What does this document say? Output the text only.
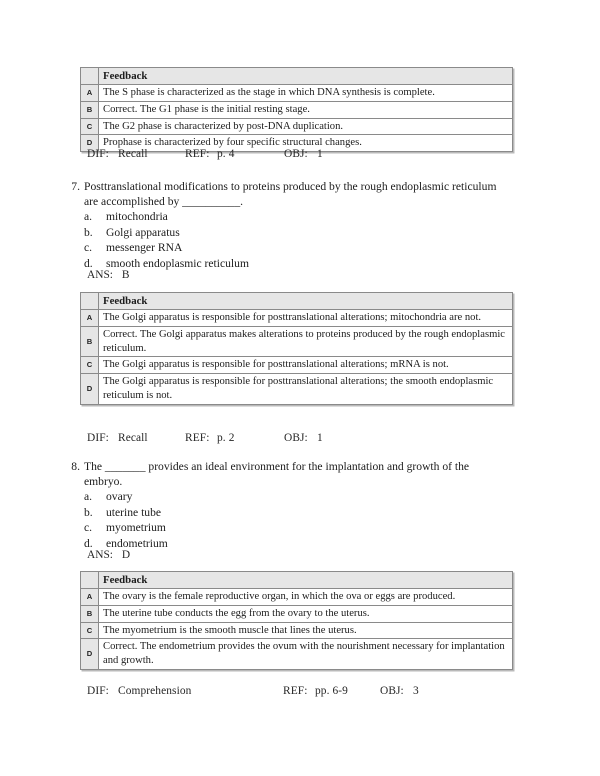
	Feedback
A	The S phase is characterized as the stage in which DNA synthesis is complete.
B	Correct. The G1 phase is the initial resting stage.
C	The G2 phase is characterized by post-DNA duplication.
D	Prophase is characterized by four specific structural changes.
DIF: Recall	REF: p. 4	OBJ: 1
7. Posttranslational modifications to proteins produced by the rough endoplasmic reticulum
are accomplished by __________.
a.	mitochondria
b.	Golgi apparatus
c.	messenger RNA
d.	smooth endoplasmic reticulum
ANS: B
	Feedback
A	The Golgi apparatus is responsible for posttranslational alterations; mitochondria are not.
B	Correct. The Golgi apparatus makes alterations to proteins produced by the rough endoplasmic reticulum.
C	The Golgi apparatus is responsible for posttranslational alterations; mRNA is not.
D	The Golgi apparatus is responsible for posttranslational alterations; the smooth endoplasmic reticulum is not.
DIF: Recall	REF: p. 2	OBJ: 1
8. The _______ provides an ideal environment for the implantation and growth of the
embryo.
a.	ovary
b.	uterine tube
c.	myometrium
d.	endometrium
ANS: D
	Feedback
A	The ovary is the female reproductive organ, in which the ova or eggs are produced.
B	The uterine tube conducts the egg from the ovary to the uterus.
C	The myometrium is the smooth muscle that lines the uterus.
D	Correct. The endometrium provides the ovum with the nourishment necessary for implantation and growth.
DIF: Comprehension	REF: pp. 6-9	OBJ: 3
